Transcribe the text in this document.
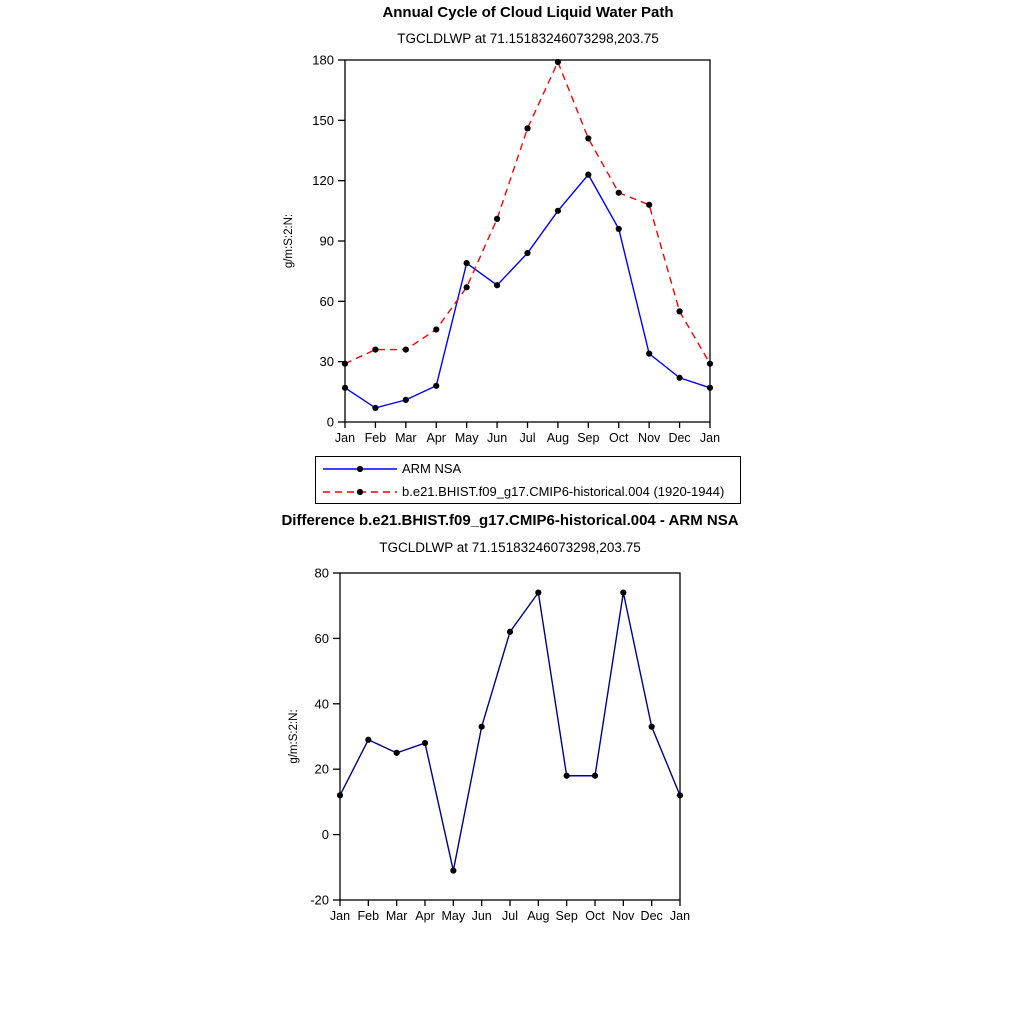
Annual Cycle of Cloud Liquid Water Path
TGCLDLWP at 71.15183246073298,203.75
0
30
60
90
120
150
180
Jan Feb Mar Apr May Jun Jul Aug Sep Oct Nov Dec Jan
g/m:S:2:N:
ARM NSA
b.e21.BHIST.f09_g17.CMIP6-historical.004 (1920-1944)
Difference b.e21.BHIST.f09_g17.CMIP6-historical.004 - ARM NSA
TGCLDLWP at 71.15183246073298,203.75
-20
0
20
40
60
80
Jan Feb Mar Apr May Jun Jul Aug Sep Oct Nov Dec Jan
g/m:S:2:N:
